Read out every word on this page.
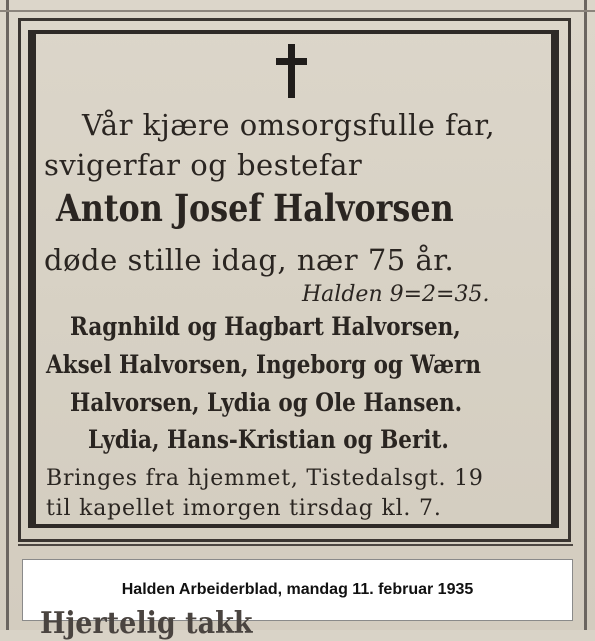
Vår kjære omsorgsfulle far,
svigerfar og bestefar
Anton Josef Halvorsen
døde stille idag, nær 75 år.
Halden 9=2=35.
Ragnhild og Hagbart Halvorsen,
Aksel Halvorsen, Ingeborg og Wærn
Halvorsen, Lydia og Ole Hansen.
Lydia, Hans-Kristian og Berit.
Bringes fra hjemmet, Tistedalsgt. 19
til kapellet imorgen tirsdag kl. 7.
Halden Arbeiderblad, mandag 11. februar 1935
Hjertelig takk
